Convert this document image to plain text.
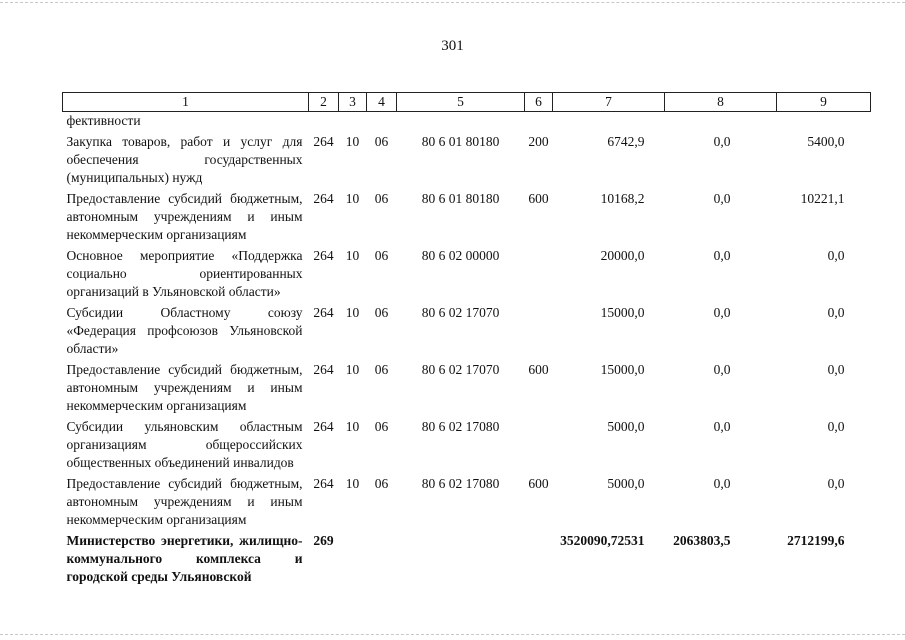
301
1	2	3	4	5	6	7	8	9
фективности								
Закупка товаров, работ и услуг для обеспечения государственных (муниципальных) нужд	264	10	06	80 6 01 80180	200	6742,9	0,0	5400,0
Предоставление субсидий бюджетным, автономным учреждениям и иным некоммерческим организациям	264	10	06	80 6 01 80180	600	10168,2	0,0	10221,1
Основное мероприятие «Поддержка социально ориентированных организаций в Ульяновской области»	264	10	06	80 6 02 00000		20000,0	0,0	0,0
Субсидии Областному союзу «Федерация профсоюзов Ульяновской области»	264	10	06	80 6 02 17070		15000,0	0,0	0,0
Предоставление субсидий бюджетным, автономным учреждениям и иным некоммерческим организациям	264	10	06	80 6 02 17070	600	15000,0	0,0	0,0
Субсидии ульяновским областным организациям общероссийских общественных объединений инвалидов	264	10	06	80 6 02 17080		5000,0	0,0	0,0
Предоставление субсидий бюджетным, автономным учреждениям и иным некоммерческим организациям	264	10	06	80 6 02 17080	600	5000,0	0,0	0,0
Министерство энергетики, жилищно-коммунального комплекса и городской среды Ульяновской	269					3520090,72531	2063803,5	2712199,6
